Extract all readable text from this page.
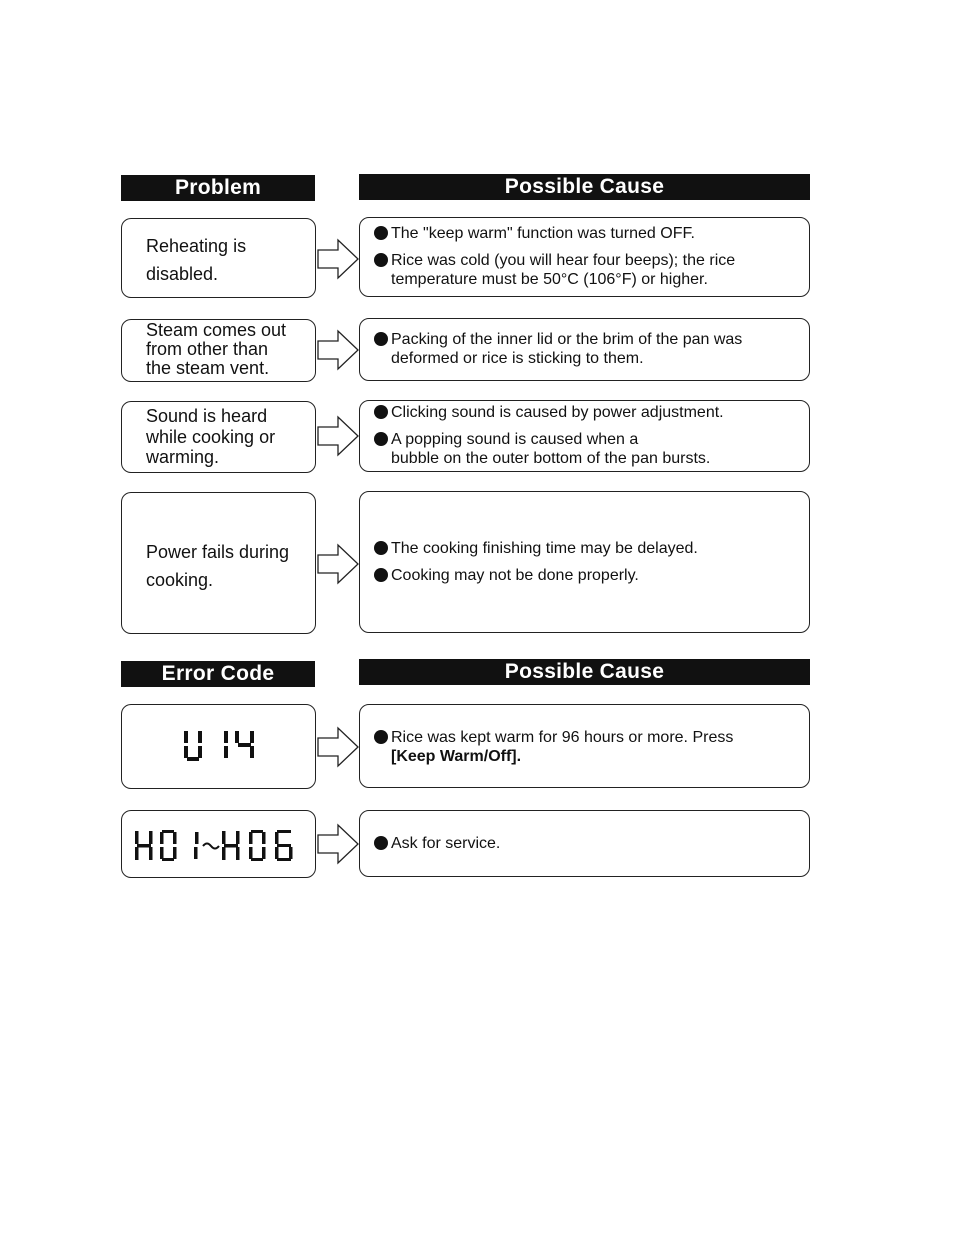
Problem	Possible Cause
Error Code	Possible Cause
Reheating is
disabled.
The "keep warm" function was turned OFF.
Rice was cold (you will hear four beeps); the rice
temperature must be 50°C (106°F) or higher.
Steam comes out
from other than
the steam vent.
Packing of the inner lid or the brim of the pan was
deformed or rice is sticking to them.
Sound is heard
while cooking or
warming.
Clicking sound is caused by power adjustment.
A popping sound is caused when a
bubble on the outer bottom of the pan bursts.
Power fails during
cooking.
The cooking finishing time may be delayed.
Cooking may not be done properly.
Rice was kept warm for 96 hours or more. Press
[Keep Warm/Off].
Ask for service.
